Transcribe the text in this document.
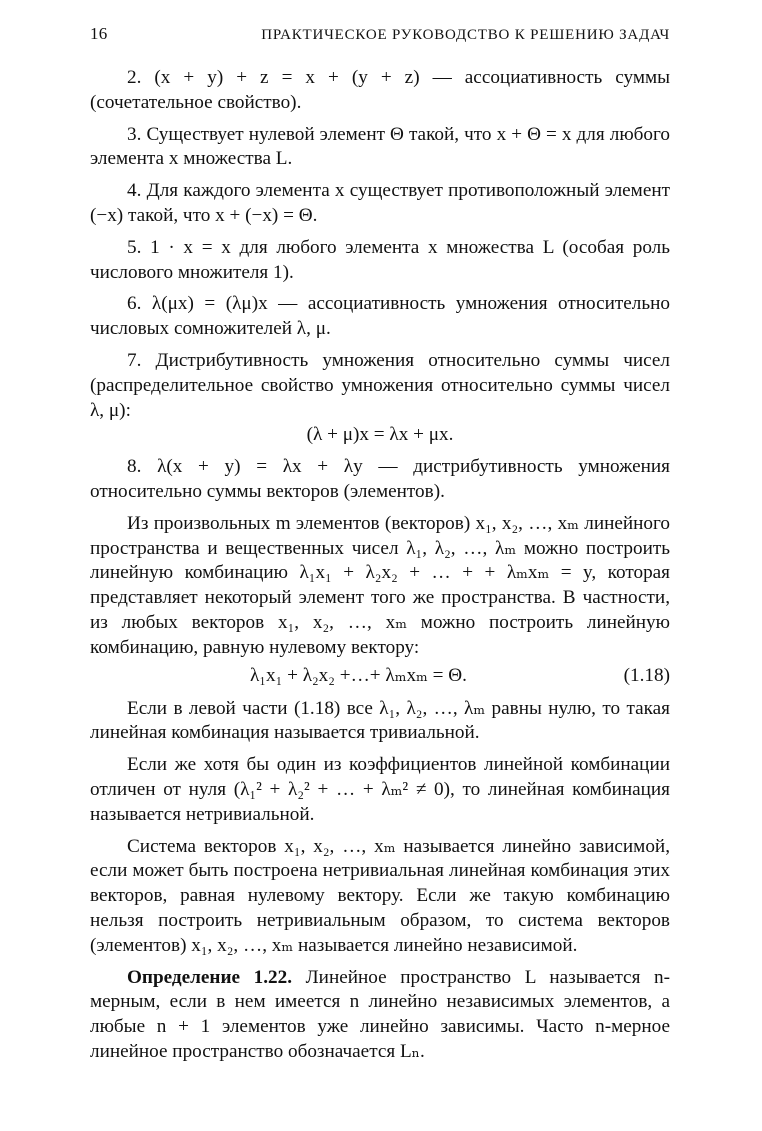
16	ПРАКТИЧЕСКОЕ РУКОВОДСТВО К РЕШЕНИЮ ЗАДАЧ

2. (x + y) + z = x + (y + z) — ассоциативность суммы (сочетательное свойство).

3. Существует нулевой элемент Θ такой, что x + Θ = x для любого элемента x множества L.

4. Для каждого элемента x существует противоположный элемент (−x) такой, что x + (−x) = Θ.

5. 1 · x = x для любого элемента x множества L (особая роль числового множителя 1).

6. λ(μx) = (λμ)x — ассоциативность умножения относительно числовых сомножителей λ, μ.

7. Дистрибутивность умножения относительно суммы чисел (распределительное свойство умножения относительно суммы чисел λ, μ):

(λ + μ)x = λx + μx.

8. λ(x + y) = λx + λy — дистрибутивность умножения относительно суммы векторов (элементов).

Из произвольных m элементов (векторов) x₁, x₂, …, xₘ линейного пространства и вещественных чисел λ₁, λ₂, …, λₘ можно построить линейную комбинацию λ₁x₁ + λ₂x₂ + … + + λₘxₘ = y, которая представляет некоторый элемент того же пространства. В частности, из любых векторов x₁, x₂, …, xₘ можно построить линейную комбинацию, равную нулевому вектору:

λ₁x₁ + λ₂x₂ +…+ λₘxₘ = Θ.	(1.18)

Если в левой части (1.18) все λ₁, λ₂, …, λₘ равны нулю, то такая линейная комбинация называется тривиальной.

Если же хотя бы один из коэффициентов линейной комбинации отличен от нуля (λ₁² + λ₂² + … + λₘ² ≠ 0), то линейная комбинация называется нетривиальной.

Система векторов x₁, x₂, …, xₘ называется линейно зависимой, если может быть построена нетривиальная линейная комбинация этих векторов, равная нулевому вектору. Если же такую комбинацию нельзя построить нетривиальным образом, то система векторов (элементов) x₁, x₂, …, xₘ называется линейно независимой.

Определение 1.22. Линейное пространство L называется n-мерным, если в нем имеется n линейно независимых элементов, а любые n + 1 элементов уже линейно зависимы. Часто n-мерное линейное пространство обозначается Lₙ.
